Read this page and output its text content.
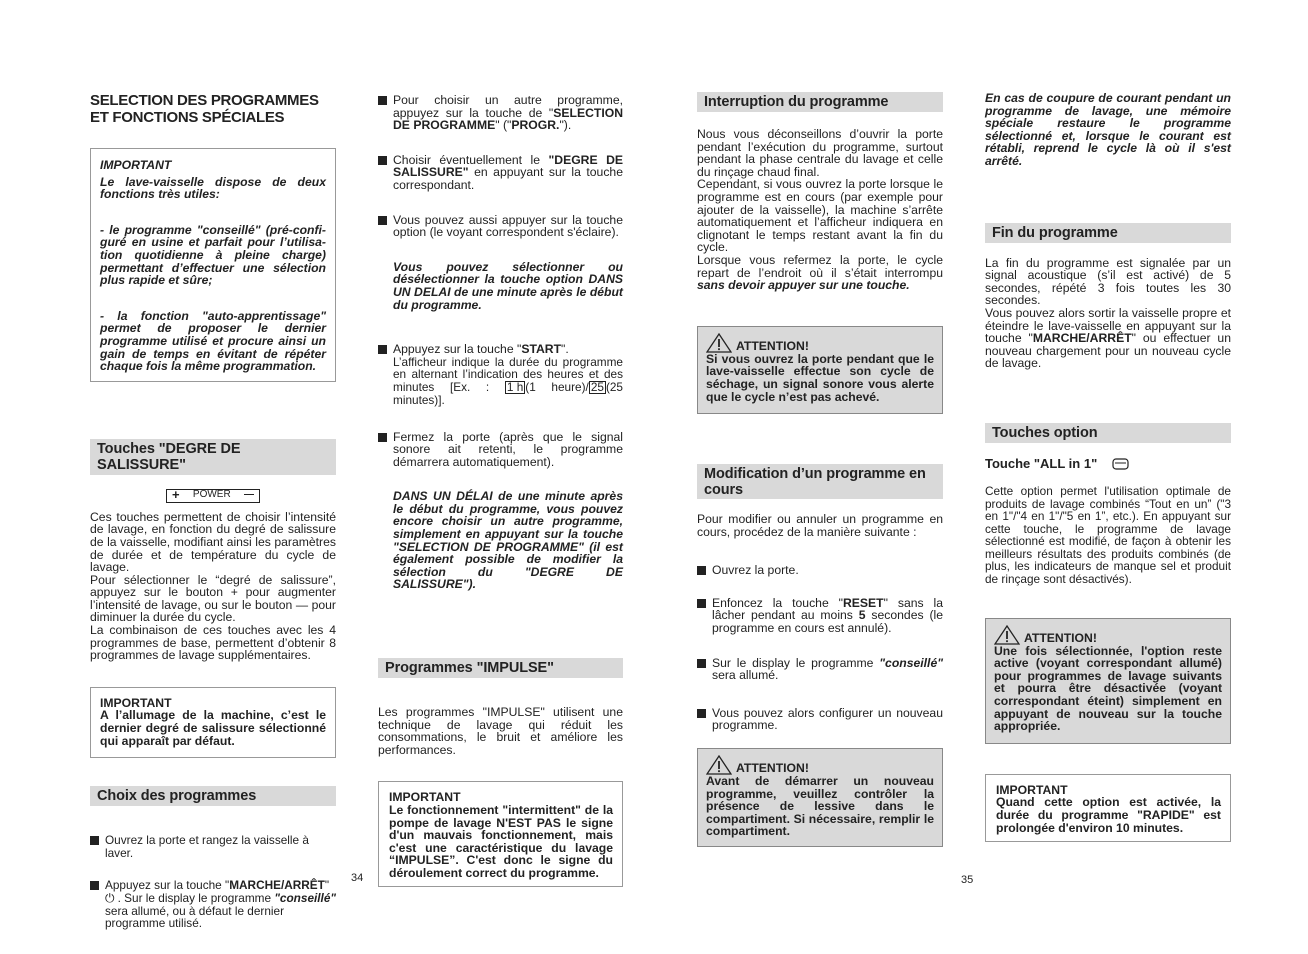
SELECTION DES PROGRAMMES
ET FONCTIONS SPÉCIALES
IMPORTANT

Le lave-vaisselle dispose de deux fonctions très utiles:

- le programme "conseillé" (pré-confi-guré en usine et parfait pour l’utilisa-tion quotidienne à pleine charge) permettant d’effectuer une sélection plus rapide et sûre;

- la fonction "auto-apprentissage" permet de proposer le dernier programme utilisé et procure ainsi un gain de temps en évitant de répéter chaque fois la même programmation.

Touches "DEGRE DE SALISSURE"
+ POWER —

Ces touches permettent de choisir l’intensité de lavage, en fonction du degré de salissure de la vaisselle, modifiant ainsi les paramètres de durée et de température du cycle de lavage.

Pour sélectionner le “degré de salissure”, appuyez sur le bouton + pour augmenter l’intensité de lavage, ou sur le bouton — pour diminuer la durée du cycle.

La combinaison de ces touches avec les 4 programmes de base, permettent d’obtenir 8 programmes de lavage supplémentaires.

IMPORTANT

A l’allumage de la machine, c’est le dernier degré de salissure sélectionné qui apparaît par défaut.

Choix des programmes
Ouvrez la porte et rangez la vaisselle à laver.
Appuyez sur la touche "MARCHE/ARRÊT" ⏻ . Sur le display le programme "conseillé" sera allumé, ou à défaut le dernier programme utilisé.
34

Pour choisir un autre programme, appuyez sur la touche de "SELECTION DE PROGRAMME" ("PROGR.").

Choisir éventuellement le "DEGRE DE SALISSURE" en appuyant sur la touche correspondant.

Vous pouvez aussi appuyer sur la touche option (le voyant correspondent s'éclaire).

Vous pouvez sélectionner ou désélectionner la touche option DANS UN DELAI de une minute après le début du programme.

Appuyez sur la touche "START".

L’afficheur indique la durée du programme en alternant l’indication des heures et des minutes [Ex. : 1 h (1 heure)/ 25 (25 minutes)].

Fermez la porte (après que le signal sonore ait retenti, le programme démarrera automatiquement).

DANS UN DÉLAI de une minute après le début du programme, vous pouvez encore choisir un autre programme, simplement en appuyant sur la touche "SELECTION DE PROGRAMME" (il est également possible de modifier la sélection du "DEGRE DE SALISSURE").

Programmes "IMPULSE"

Les programmes "IMPULSE" utilisent une technique de lavage qui réduit les consommations, le bruit et améliore les performances.

IMPORTANT

Le fonctionnement "intermittent" de la pompe de lavage N'EST PAS le signe d'un mauvais fonctionnement, mais c'est une caractéristique du lavage “IMPULSE”. C'est donc le signe du déroulement correct du programme.

Interruption du programme

Nous vous déconseillons d’ouvrir la porte pendant l’exécution du programme, surtout pendant la phase centrale du lavage et celle du rinçage chaud final.

Cependant, si vous ouvrez la porte lorsque le programme est en cours (par exemple pour ajouter de la vaisselle), la machine s’arrête automatiquement et l’afficheur indiquera en clignotant le temps restant avant la fin du cycle.

Lorsque vous refermez la porte, le cycle repart de l’endroit où il s’était interrompu sans devoir appuyer sur une touche.

ATTENTION!

Si vous ouvrez la porte pendant que le lave-vaisselle effectue son cycle de séchage, un signal sonore vous alerte que le cycle n’est pas achevé.

Modification d’un programme en cours

Pour modifier ou annuler un programme en cours, procédez de la manière suivante :

Ouvrez la porte.

Enfoncez la touche "RESET" sans la lâcher pendant au moins 5 secondes (le programme en cours est annulé).

Sur le display le programme "conseillé" sera allumé.

Vous pouvez alors configurer un nouveau programme.

ATTENTION!

Avant de démarrer un nouveau programme, veuillez contrôler la présence de lessive dans le compartiment. Si nécessaire, remplir le compartiment.

En cas de coupure de courant pendant un programme de lavage, une mémoire spéciale restaure le programme sélectionné et, lorsque le courant est rétabli, reprend le cycle là où il s'est arrêté.

Fin du programme

La fin du programme est signalée par un signal acoustique (s’il est activé) de 5 secondes, répété 3 fois toutes les 30 secondes.

Vous pouvez alors sortir la vaisselle propre et éteindre le lave-vaisselle en appuyant sur la touche "MARCHE/ARRÊT" ou effectuer un nouveau chargement pour un nouveau cycle de lavage.

Touches option
Touche "ALL in 1"

Cette option permet l'utilisation optimale de produits de lavage combinés “Tout en un” ("3 en 1"/"4 en 1"/"5 en 1”, etc.). En appuyant sur cette touche, le programme de lavage sélectionné est modifié, de façon à obtenir les meilleurs résultats des produits combinés (de plus, les indicateurs de manque sel et produit de rinçage sont désactivés).

ATTENTION!

Une fois sélectionnée, l'option reste active (voyant correspondant allumé) pour programmes de lavage suivants et pourra être désactivée (voyant correspondant éteint) simplement en appuyant de nouveau sur la touche appropriée.

IMPORTANT

Quand cette option est activée, la durée du programme "RAPIDE" est prolongée d'environ 10 minutes.

35
